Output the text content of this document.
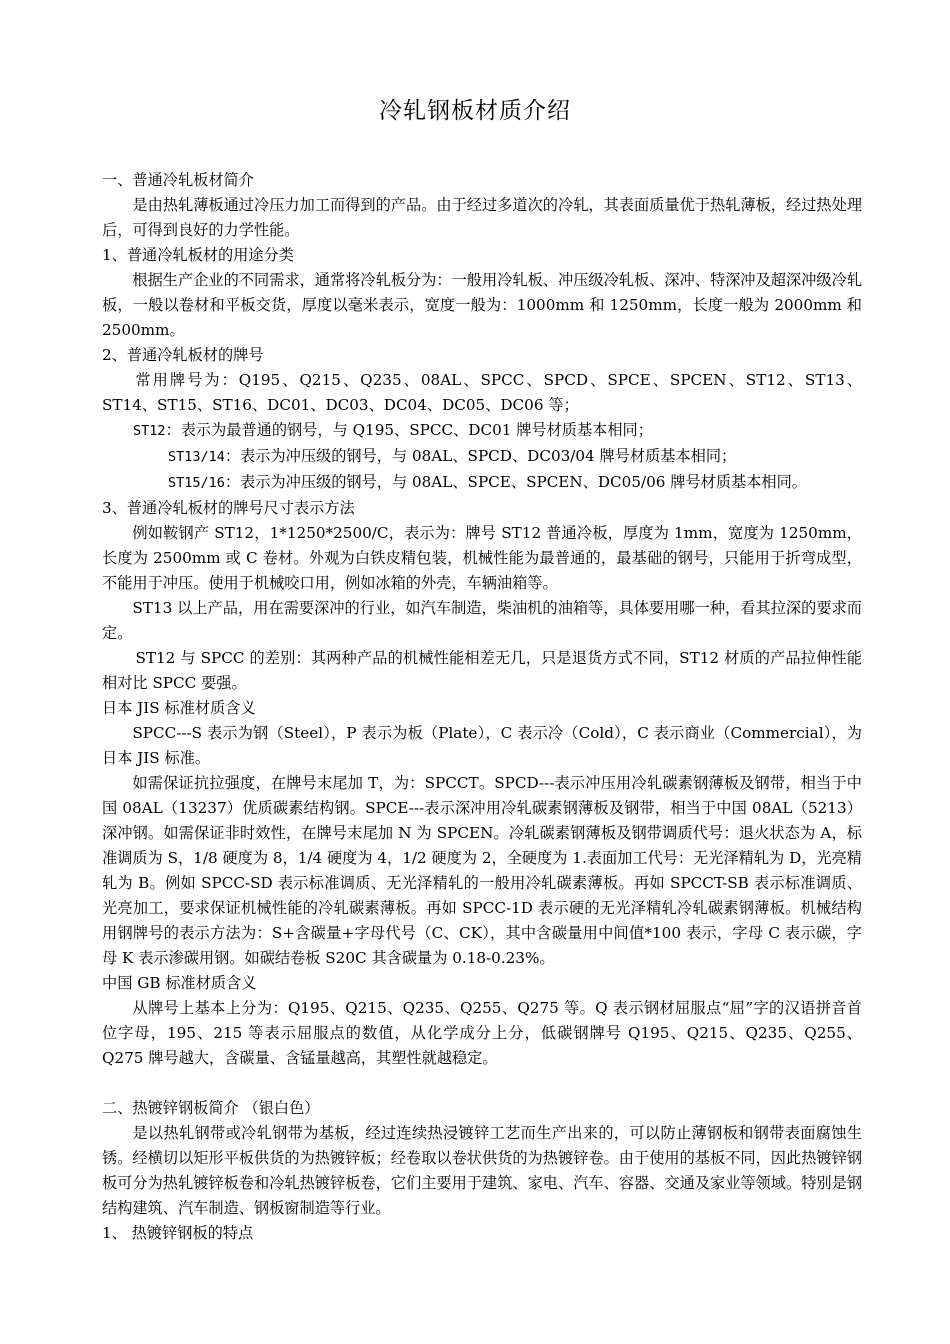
冷轧钢板材质介绍

一、普通冷轧板材简介

是由热轧薄板通过冷压力加工而得到的产品。由于经过多道次的冷轧，其表面质量优于热轧薄板，经过热处理后，可得到良好的力学性能。

1、普通冷轧板材的用途分类

根据生产企业的不同需求，通常将冷轧板分为：一般用冷轧板、冲压级冷轧板、深冲、特深冲及超深冲级冷轧板，一般以卷材和平板交货，厚度以毫米表示，宽度一般为：1000mm 和 1250mm，长度一般为 2000mm 和 2500mm。

2、普通冷轧板材的牌号

常用牌号为：Q195、Q215、Q235、08AL、SPCC、SPCD、SPCE、SPCEN、ST12、ST13、ST14、ST15、ST16、DC01、DC03、DC04、DC05、DC06 等；

ST12：表示为最普通的钢号，与 Q195、SPCC、DC01 牌号材质基本相同；

ST13/14：表示为冲压级的钢号，与 08AL、SPCD、DC03/04 牌号材质基本相同；

ST15/16：表示为冲压级的钢号，与 08AL、SPCE、SPCEN、DC05/06 牌号材质基本相同。

3、普通冷轧板材的牌号尺寸表示方法

例如鞍钢产 ST12，1*1250*2500/C，表示为：牌号 ST12 普通冷板，厚度为 1mm，宽度为 1250mm，长度为 2500mm 或 C 卷材。外观为白铁皮精包装，机械性能为最普通的，最基础的钢号，只能用于折弯成型，不能用于冲压。使用于机械咬口用，例如冰箱的外壳，车辆油箱等。

ST13 以上产品，用在需要深冲的行业，如汽车制造，柴油机的油箱等，具体要用哪一种，看其拉深的要求而定。

ST12 与 SPCC 的差别：其两种产品的机械性能相差无几，只是退货方式不同，ST12 材质的产品拉伸性能相对比 SPCC 要强。

日本 JIS 标准材质含义

SPCC---S 表示为钢（Steel），P 表示为板（Plate），C 表示冷（Cold），C 表示商业（Commercial），为日本 JIS 标准。

如需保证抗拉强度，在牌号末尾加 T，为：SPCCT。SPCD---表示冲压用冷轧碳素钢薄板及钢带，相当于中国 08AL（13237）优质碳素结构钢。SPCE---表示深冲用冷轧碳素钢薄板及钢带，相当于中国 08AL（5213）深冲钢。如需保证非时效性，在牌号末尾加 N 为 SPCEN。冷轧碳素钢薄板及钢带调质代号：退火状态为 A，标准调质为 S，1/8 硬度为 8，1/4 硬度为 4，1/2 硬度为 2，全硬度为 1.表面加工代号：无光泽精轧为 D，光亮精轧为 B。例如 SPCC-SD 表示标准调质、无光泽精轧的一般用冷轧碳素薄板。再如 SPCCT-SB 表示标准调质、光亮加工，要求保证机械性能的冷轧碳素薄板。再如 SPCC-1D 表示硬的无光泽精轧冷轧碳素钢薄板。机械结构用钢牌号的表示方法为：S+含碳量+字母代号（C、CK），其中含碳量用中间值*100 表示，字母 C 表示碳，字母 K 表示渗碳用钢。如碳结卷板 S20C 其含碳量为 0.18-0.23%。

中国 GB 标准材质含义

从牌号上基本上分为：Q195、Q215、Q235、Q255、Q275 等。Q 表示钢材屈服点“屈”字的汉语拼音首位字母，195、215 等表示屈服点的数值，从化学成分上分，低碳钢牌号 Q195、Q215、Q235、Q255、Q275 牌号越大，含碳量、含锰量越高，其塑性就越稳定。

二、热镀锌钢板简介 （银白色）

是以热轧钢带或冷轧钢带为基板，经过连续热浸镀锌工艺而生产出来的，可以防止薄钢板和钢带表面腐蚀生锈。经横切以矩形平板供货的为热镀锌板；经卷取以卷状供货的为热镀锌卷。由于使用的基板不同，因此热镀锌钢板可分为热轧镀锌板卷和冷轧热镀锌板卷，它们主要用于建筑、家电、汽车、容器、交通及家业等领域。特别是钢结构建筑、汽车制造、钢板窗制造等行业。

1、 热镀锌钢板的特点
